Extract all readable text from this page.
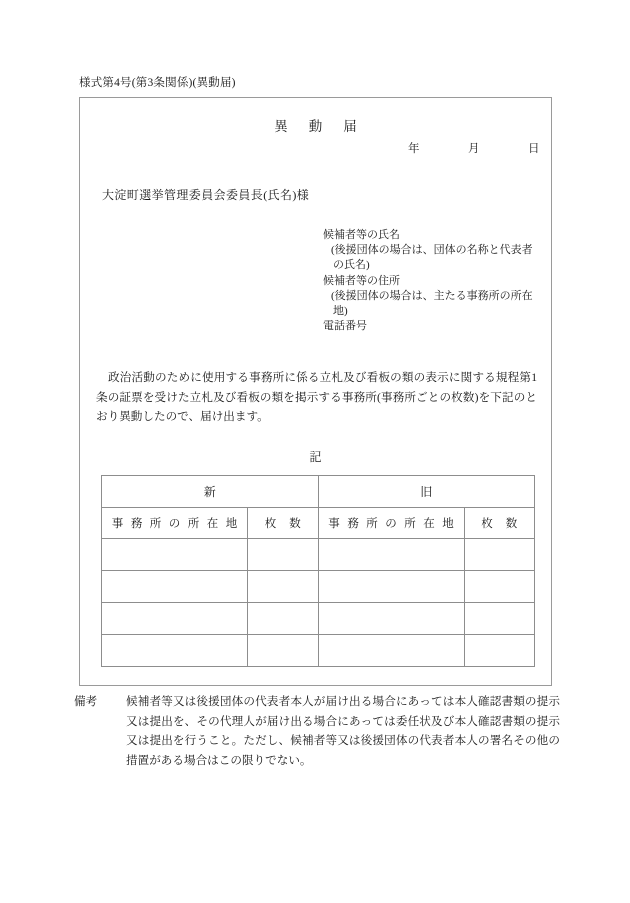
様式第4号(第3条関係)(異動届)
異動届
年	月	日
大淀町選挙管理委員会委員長(氏名)様
候補者等の氏名
(後援団体の場合は、団体の名称と代表者の氏名)
候補者等の住所
(後援団体の場合は、主たる事務所の所在地)
電話番号
政治活動のために使用する事務所に係る立札及び看板の類の表示に関する規程第1条の証票を受けた立札及び看板の類を掲示する事務所(事務所ごとの枚数)を下記のとおり異動したので、届け出ます。
記
新		旧	
事務所の所在地	枚数	事務所の所在地	枚数

備考	候補者等又は後援団体の代表者本人が届け出る場合にあっては本人確認書類の提示又は提出を、その代理人が届け出る場合にあっては委任状及び本人確認書類の提示又は提出を行うこと。ただし、候補者等又は後援団体の代表者本人の署名その他の措置がある場合はこの限りでない。
